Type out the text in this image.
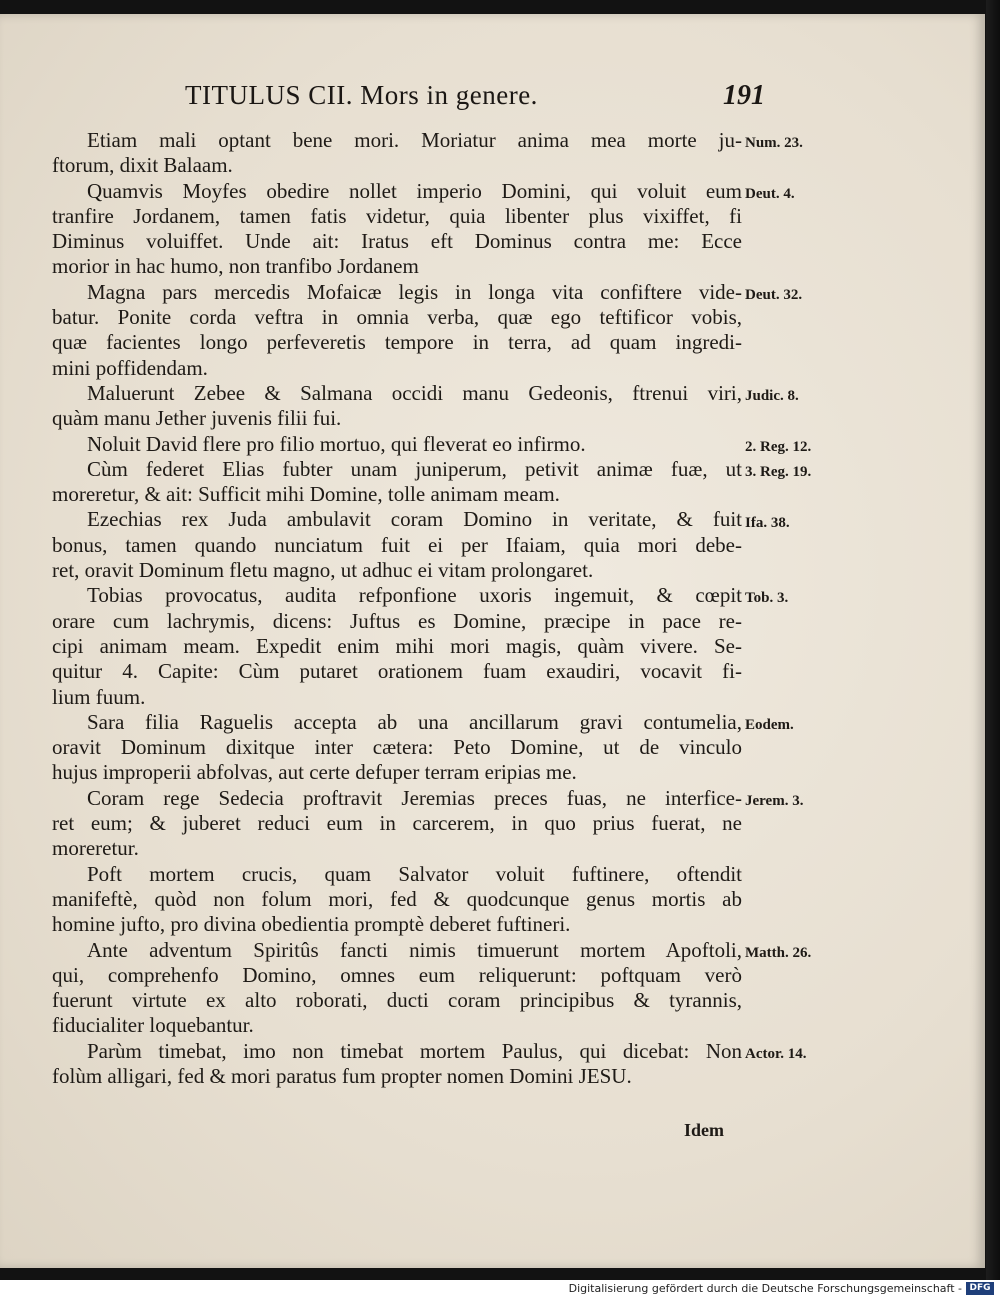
TITULUS CII. Mors in genere.	191
Etiam mali optant bene mori. Moriatur anima mea morte ju-
ftorum, dixit Balaam.
Quamvis Moyfes obedire nollet imperio Domini, qui voluit eum
tranfire Jordanem, tamen fatis videtur, quia libenter plus vixiffet, fi
Diminus voluiffet. Unde ait: Iratus eft Dominus contra me: Ecce
morior in hac humo, non tranfibo Jordanem
Magna pars mercedis Mofaicæ legis in longa vita confiftere vide-
batur. Ponite corda veftra in omnia verba, quæ ego teftificor vobis,
quæ facientes longo perfeveretis tempore in terra, ad quam ingredi-
mini poffidendam.
Maluerunt Zebee & Salmana occidi manu Gedeonis, ftrenui viri,
quàm manu Jether juvenis filii fui.
Noluit David flere pro filio mortuo, qui fleverat eo infirmo.
Cùm federet Elias fubter unam juniperum, petivit animæ fuæ, ut
moreretur, & ait: Sufficit mihi Domine, tolle animam meam.
Ezechias rex Juda ambulavit coram Domino in veritate, & fuit
bonus, tamen quando nunciatum fuit ei per Ifaiam, quia mori debe-
ret, oravit Dominum fletu magno, ut adhuc ei vitam prolongaret.
Tobias provocatus, audita refponfione uxoris ingemuit, & cœpit
orare cum lachrymis, dicens: Juftus es Domine, præcipe in pace re-
cipi animam meam. Expedit enim mihi mori magis, quàm vivere. Se-
quitur 4. Capite: Cùm putaret orationem fuam exaudiri, vocavit fi-
lium fuum.
Sara filia Raguelis accepta ab una ancillarum gravi contumelia,
oravit Dominum dixitque inter cætera: Peto Domine, ut de vinculo
hujus improperii abfolvas, aut certe defuper terram eripias me.
Coram rege Sedecia proftravit Jeremias preces fuas, ne interfice-
ret eum; & juberet reduci eum in carcerem, in quo prius fuerat, ne
moreretur.
Poft mortem crucis, quam Salvator voluit fuftinere, oftendit
manifeftè, quòd non folum mori, fed & quodcunque genus mortis ab
homine jufto, pro divina obedientia promptè deberet fuftineri.
Ante adventum Spiritûs fancti nimis timuerunt mortem Apoftoli,
qui, comprehenfo Domino, omnes eum reliquerunt: poftquam verò
fuerunt virtute ex alto roborati, ducti coram principibus & tyrannis,
fiducialiter loquebantur.
Parùm timebat, imo non timebat mortem Paulus, qui dicebat: Non
folùm alligari, fed & mori paratus fum propter nomen Domini JESU.
Num. 23.
Deut. 4.
Deut. 32.
Judic. 8.
2. Reg. 12.
3. Reg. 19.
Ifa. 38.
Tob. 3.
Eodem.
Jerem. 3.
Matth. 26.
Actor. 14.
Idem
Digitalisierung gefördert durch die Deutsche Forschungsgemeinschaft - DFG
